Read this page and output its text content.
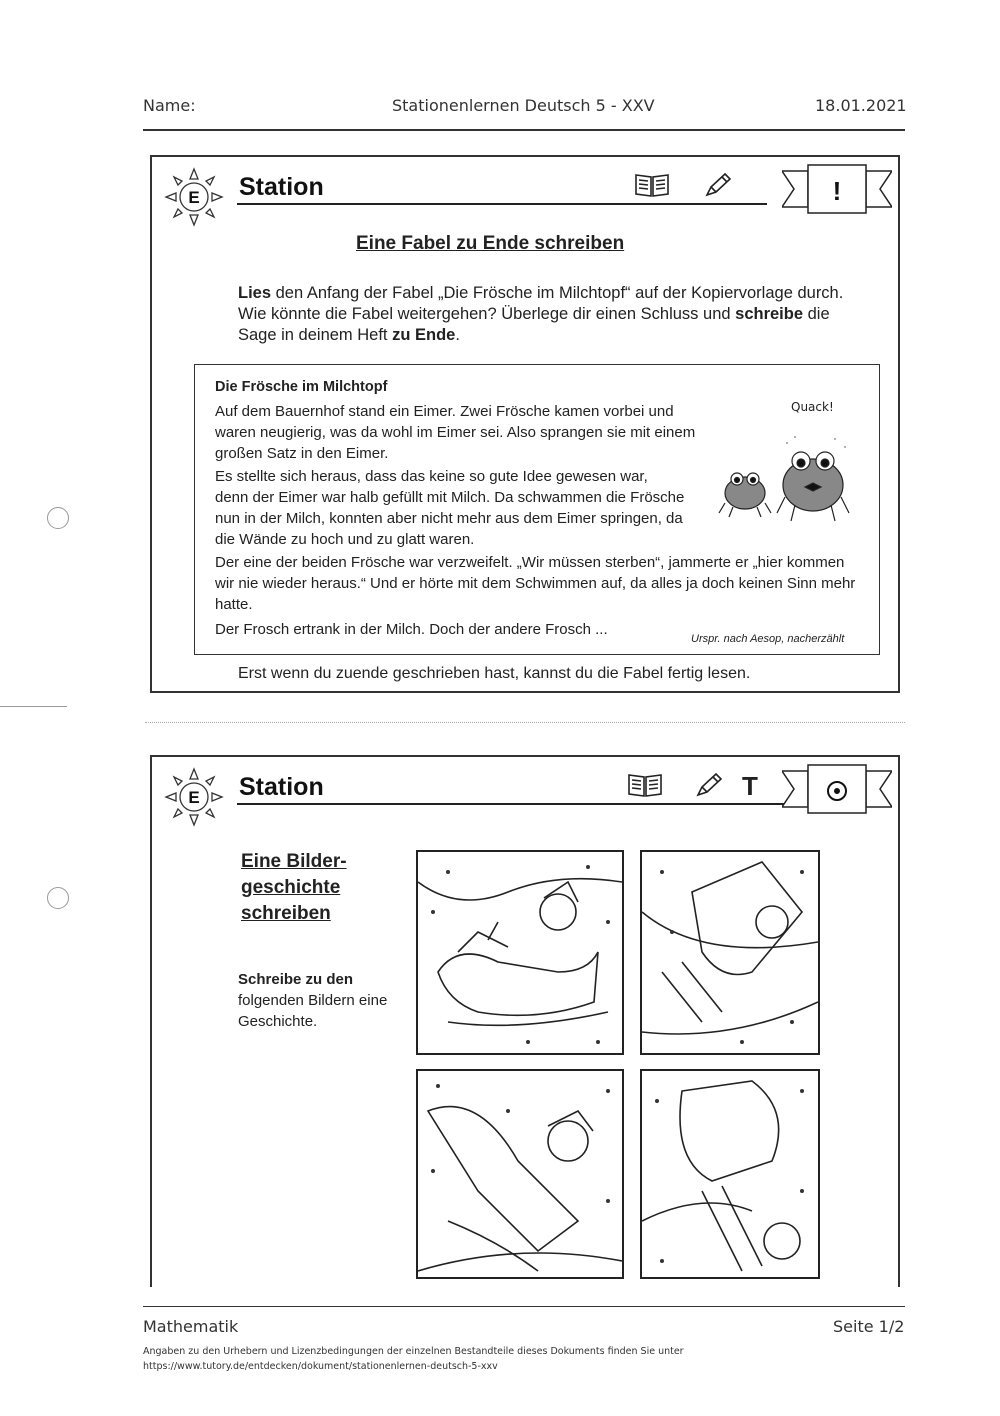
Name:	Stationenlernen Deutsch 5 - XXV	18.01.2021
E Station	!
Eine Fabel zu Ende schreiben
Lies den Anfang der Fabel „Die Frösche im Milchtopf“ auf der Kopiervorlage durch. Wie könnte die Fabel weitergehen? Überlege dir einen Schluss und schreibe die Sage in deinem Heft zu Ende.
Die Frösche im Milchtopf
Auf dem Bauernhof stand ein Eimer. Zwei Frösche kamen vorbei und waren neugierig, was da wohl im Eimer sei. Also sprangen sie mit einem großen Satz in den Eimer.
Es stellte sich heraus, dass das keine so gute Idee gewesen war, denn der Eimer war halb gefüllt mit Milch. Da schwammen die Frösche nun in der Milch, konnten aber nicht mehr aus dem Eimer springen, da die Wände zu hoch und zu glatt waren.
Der eine der beiden Frösche war verzweifelt. „Wir müssen sterben“, jammerte er „hier kommen wir nie wieder heraus.“ Und er hörte mit dem Schwimmen auf, da alles ja doch keinen Sinn mehr hatte.
Der Frosch ertrank in der Milch. Doch der andere Frosch ...
Quack!
Urspr. nach Aesop, nacherzählt
Erst wenn du zuende geschrieben hast, kannst du die Fabel fertig lesen.
E Station	T
Eine Bilder-geschichte schreiben
Schreibe zu den
folgenden Bildern eine Geschichte.
Mathematik	Seite 1/2
Angaben zu den Urhebern und Lizenzbedingungen der einzelnen Bestandteile dieses Dokuments finden Sie unter
https://www.tutory.de/entdecken/dokument/stationenlernen-deutsch-5-xxv
